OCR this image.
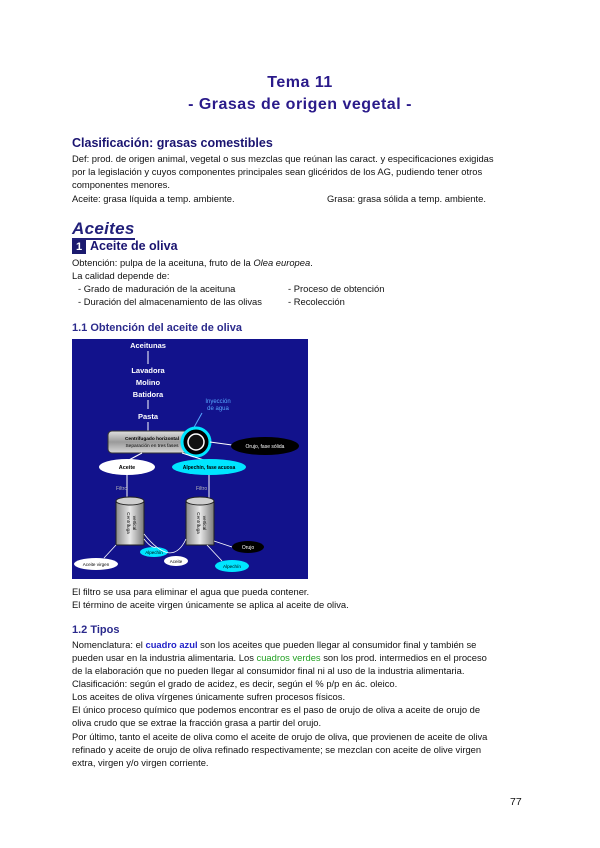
Tema 11
- Grasas de origen vegetal -
Clasificación: grasas comestibles
Def: prod. de origen animal, vegetal o sus mezclas que reúnan las caract. y especificaciones exigidas
por la legislación y cuyos componentes principales sean glicéridos de los AG, pudiendo tener otros
componentes menores.
Aceite: grasa líquida a temp. ambiente.	Grasa: grasa sólida a temp. ambiente.
Aceites
1 Aceite de oliva
Obtención: pulpa de la aceituna, fruto de la Olea europea.
La calidad depende de:
- Grado de maduración de la aceituna
- Duración del almacenamiento de las olivas
- Proceso de obtención
- Recolección
1.1 Obtención del aceite de oliva
Aceitunas
Lavadora
Molino
Batidora
Pasta
Inyección
de agua
Centrifugado horizontal
Separación en tres fases	Orujo, fase sólida
Aceite	Alpechín, fase acuosa
Filtro	Filtro
Centrífuga vertical	Centrífuga vertical
Alpechín
Aceite
Orujo
Aceite virgen	Alpechín
El filtro se usa para eliminar el agua que pueda contener.
El término de aceite virgen únicamente se aplica al aceite de oliva.
1.2 Tipos
Nomenclatura: el cuadro azul son los aceites que pueden llegar al consumidor final y también se
pueden usar en la industria alimentaria. Los cuadros verdes son los prod. intermedios en el proceso
de la elaboración que no pueden llegar al consumidor final ni al uso de la industria alimentaria.
Clasificación: según el grado de acidez, es decir, según el % p/p en ác. oleico.
Los aceites de oliva vírgenes únicamente sufren procesos físicos.
El único proceso químico que podemos encontrar es el paso de orujo de oliva a aceite de orujo de
oliva crudo que se extrae la fracción grasa a partir del orujo.
Por último, tanto el aceite de oliva como el aceite de orujo de oliva, que provienen de aceite de oliva
refinado y aceite de orujo de oliva refinado respectivamente; se mezclan con aceite de olive virgen
extra, virgen y/o virgen corriente.
77
